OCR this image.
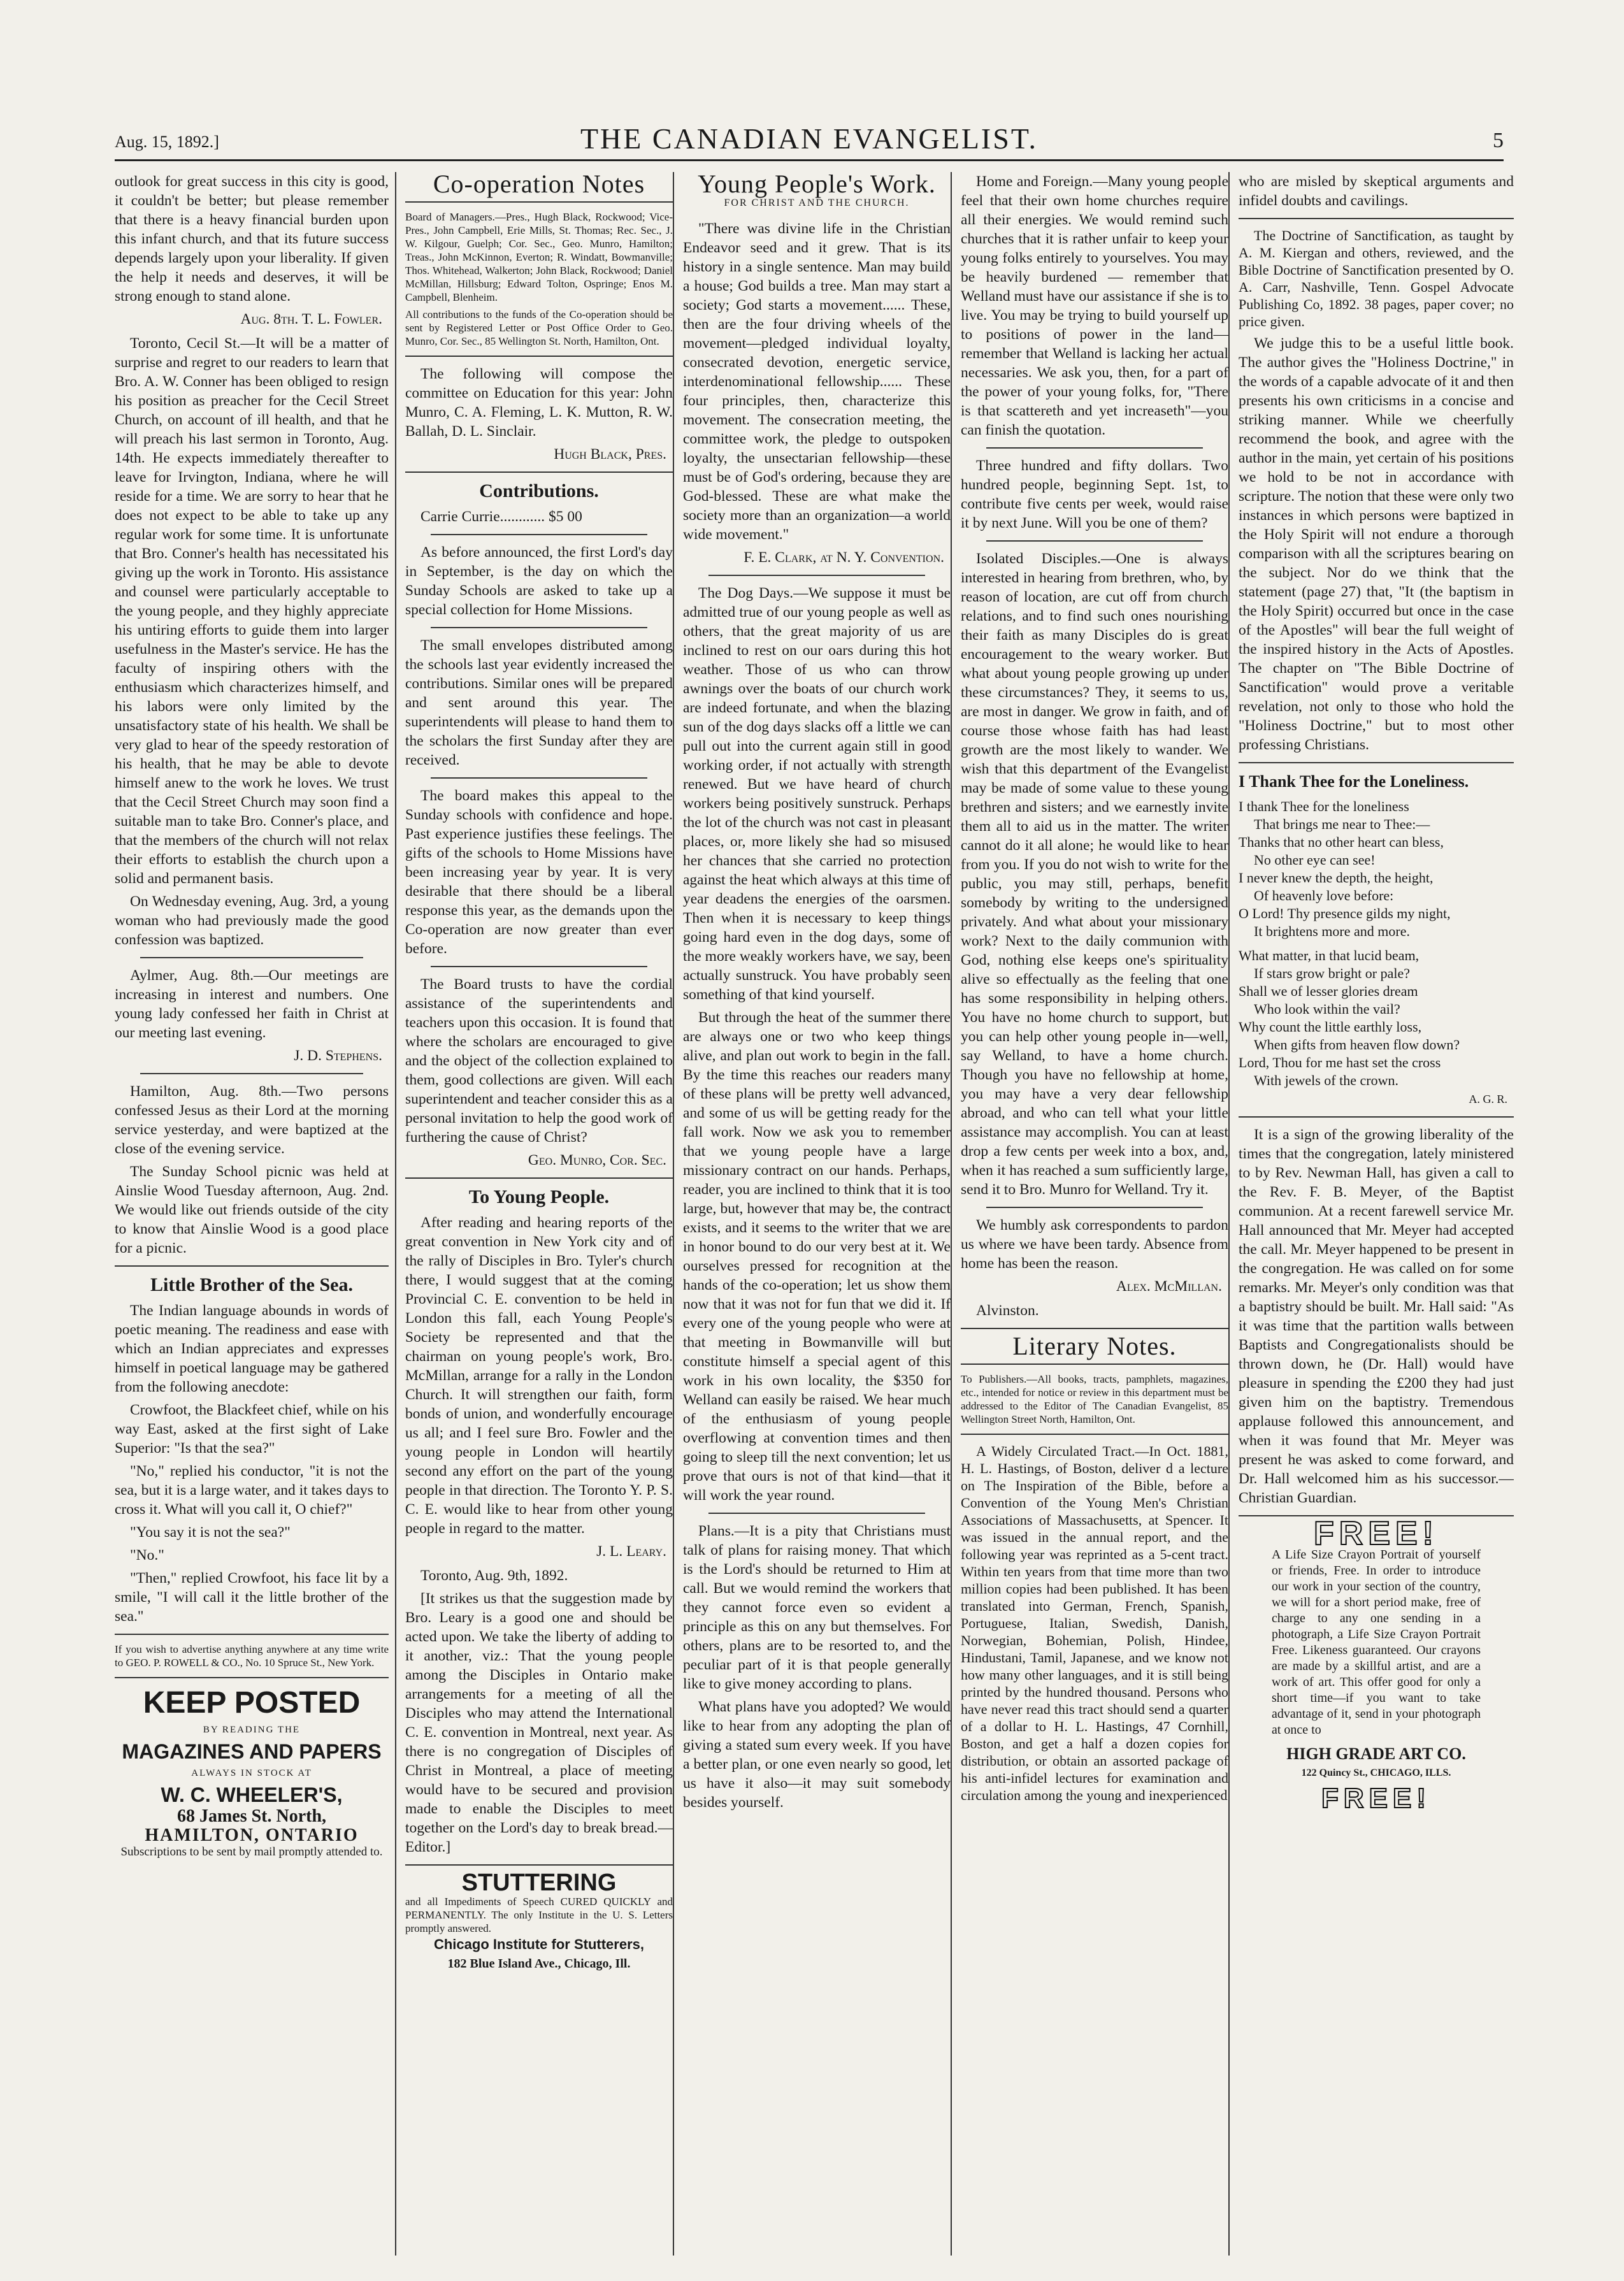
Aug. 15, 1892.]	THE CANADIAN EVANGELIST.	5

outlook for great success in this city is good, it couldn't be better; but please remember that there is a heavy financial burden upon this infant church, and that its future success depends largely upon your liberality. If given the help it needs and deserves, it will be strong enough to stand alone.

Aug. 8th. T. L. Fowler.

Toronto, Cecil St.—It will be a matter of surprise and regret to our readers to learn that Bro. A. W. Conner has been obliged to resign his position as preacher for the Cecil Street Church, on account of ill health, and that he will preach his last sermon in Toronto, Aug. 14th. He expects immediately thereafter to leave for Irvington, Indiana, where he will reside for a time. We are sorry to hear that he does not expect to be able to take up any regular work for some time. It is unfortunate that Bro. Conner's health has necessitated his giving up the work in Toronto. His assistance and counsel were particularly acceptable to the young people, and they highly appreciate his untiring efforts to guide them into larger usefulness in the Master's service. He has the faculty of inspiring others with the enthusiasm which characterizes himself, and his labors were only limited by the unsatisfactory state of his health. We shall be very glad to hear of the speedy restoration of his health, that he may be able to devote himself anew to the work he loves. We trust that the Cecil Street Church may soon find a suitable man to take Bro. Conner's place, and that the members of the church will not relax their efforts to establish the church upon a solid and permanent basis.

On Wednesday evening, Aug. 3rd, a young woman who had previously made the good confession was baptized.

Aylmer, Aug. 8th.—Our meetings are increasing in interest and numbers. One young lady confessed her faith in Christ at our meeting last evening.

J. D. Stephens.

Hamilton, Aug. 8th.—Two persons confessed Jesus as their Lord at the morning service yesterday, and were baptized at the close of the evening service.

The Sunday School picnic was held at Ainslie Wood Tuesday afternoon, Aug. 2nd. We would like out friends outside of the city to know that Ainslie Wood is a good place for a picnic.

Little Brother of the Sea.

The Indian language abounds in words of poetic meaning. The readiness and ease with which an Indian appreciates and expresses himself in poetical language may be gathered from the following anecdote:

Crowfoot, the Blackfeet chief, while on his way East, asked at the first sight of Lake Superior: "Is that the sea?"

"No," replied his conductor, "it is not the sea, but it is a large water, and it takes days to cross it. What will you call it, O chief?"

"You say it is not the sea?"

"No."

"Then," replied Crowfoot, his face lit by a smile, "I will call it the little brother of the sea."

If you wish to advertise anything anywhere at any time write to GEO. P. ROWELL & CO., No. 10 Spruce St., New York.
KEEP POSTED
BY READING THE
MAGAZINES AND PAPERS
ALWAYS IN STOCK AT
W. C. WHEELER'S,
68 James St. North,
HAMILTON, ONTARIO
Subscriptions to be sent by mail promptly attended to.
Co-operation Notes
Board of Managers.—Pres., Hugh Black, Rockwood; Vice-Pres., John Campbell, Erie Mills, St. Thomas; Rec. Sec., J. W. Kilgour, Guelph; Cor. Sec., Geo. Munro, Hamilton; Treas., John McKinnon, Everton; R. Windatt, Bowmanville; Thos. Whitehead, Walkerton; John Black, Rockwood; Daniel McMillan, Hillsburg; Edward Tolton, Ospringe; Enos M. Campbell, Blenheim.
All contributions to the funds of the Co-operation should be sent by Registered Letter or Post Office Order to Geo. Munro, Cor. Sec., 85 Wellington St. North, Hamilton, Ont.

The following will compose the committee on Education for this year: John Munro, C. A. Fleming, L. K. Mutton, R. W. Ballah, D. L. Sinclair.

Hugh Black, Pres.
Contributions.

Carrie Currie............ $5 00

As before announced, the first Lord's day in September, is the day on which the Sunday Schools are asked to take up a special collection for Home Missions.

The small envelopes distributed among the schools last year evidently increased the contributions. Similar ones will be prepared and sent around this year. The superintendents will please to hand them to the scholars the first Sunday after they are received.

The board makes this appeal to the Sunday schools with confidence and hope. Past experience justifies these feelings. The gifts of the schools to Home Missions have been increasing year by year. It is very desirable that there should be a liberal response this year, as the demands upon the Co-operation are now greater than ever before.

The Board trusts to have the cordial assistance of the superintendents and teachers upon this occasion. It is found that where the scholars are encouraged to give and the object of the collection explained to them, good collections are given. Will each superintendent and teacher consider this as a personal invitation to help the good work of furthering the cause of Christ?

Geo. Munro, Cor. Sec.
To Young People.

After reading and hearing reports of the great convention in New York city and of the rally of Disciples in Bro. Tyler's church there, I would suggest that at the coming Provincial C. E. convention to be held in London this fall, each Young People's Society be represented and that the chairman on young people's work, Bro. McMillan, arrange for a rally in the London Church. It will strengthen our faith, form bonds of union, and wonderfully encourage us all; and I feel sure Bro. Fowler and the young people in London will heartily second any effort on the part of the young people in that direction. The Toronto Y. P. S. C. E. would like to hear from other young people in regard to the matter.

J. L. Leary.

Toronto, Aug. 9th, 1892.

[It strikes us that the suggestion made by Bro. Leary is a good one and should be acted upon. We take the liberty of adding to it another, viz.: That the young people among the Disciples in Ontario make arrangements for a meeting of all the Disciples who may attend the International C. E. convention in Montreal, next year. As there is no congregation of Disciples of Christ in Montreal, a place of meeting would have to be secured and provision made to enable the Disciples to meet together on the Lord's day to break bread.—Editor.]

STUTTERING
and all Impediments of Speech CURED QUICKLY and PERMANENTLY. The only Institute in the U. S. Letters promptly answered.
Chicago Institute for Stutterers,
182 Blue Island Ave., Chicago, Ill.
Young People's Work.
FOR CHRIST AND THE CHURCH.

"There was divine life in the Christian Endeavor seed and it grew. That is its history in a single sentence. Man may build a house; God builds a tree. Man may start a society; God starts a movement...... These, then are the four driving wheels of the movement—pledged individual loyalty, consecrated devotion, energetic service, interdenominational fellowship...... These four principles, then, characterize this movement. The consecration meeting, the committee work, the pledge to outspoken loyalty, the unsectarian fellowship—these must be of God's ordering, because they are God-blessed. These are what make the society more than an organization—a world wide movement."

F. E. Clark, at N. Y. Convention.

The Dog Days.—We suppose it must be admitted true of our young people as well as others, that the great majority of us are inclined to rest on our oars during this hot weather. Those of us who can throw awnings over the boats of our church work are indeed fortunate, and when the blazing sun of the dog days slacks off a little we can pull out into the current again still in good working order, if not actually with strength renewed. But we have heard of church workers being positively sunstruck. Perhaps the lot of the church was not cast in pleasant places, or, more likely she had so misused her chances that she carried no protection against the heat which always at this time of year deadens the energies of the oarsmen. Then when it is necessary to keep things going hard even in the dog days, some of the more weakly workers have, we say, been actually sunstruck. You have probably seen something of that kind yourself.

But through the heat of the summer there are always one or two who keep things alive, and plan out work to begin in the fall. By the time this reaches our readers many of these plans will be pretty well advanced, and some of us will be getting ready for the fall work. Now we ask you to remember that we young people have a large missionary contract on our hands. Perhaps, reader, you are inclined to think that it is too large, but, however that may be, the contract exists, and it seems to the writer that we are in honor bound to do our very best at it. We ourselves pressed for recognition at the hands of the co-operation; let us show them now that it was not for fun that we did it. If every one of the young people who were at that meeting in Bowmanville will but constitute himself a special agent of this work in his own locality, the $350 for Welland can easily be raised. We hear much of the enthusiasm of young people overflowing at convention times and then going to sleep till the next convention; let us prove that ours is not of that kind—that it will work the year round.

Plans.—It is a pity that Christians must talk of plans for raising money. That which is the Lord's should be returned to Him at call. But we would remind the workers that they cannot force even so evident a principle as this on any but themselves. For others, plans are to be resorted to, and the peculiar part of it is that people generally like to give money according to plans.

What plans have you adopted? We would like to hear from any adopting the plan of giving a stated sum every week. If you have a better plan, or one even nearly so good, let us have it also—it may suit somebody besides yourself.

Home and Foreign.—Many young people feel that their own home churches require all their energies. We would remind such churches that it is rather unfair to keep your young folks entirely to yourselves. You may be heavily burdened — remember that Welland must have our assistance if she is to live. You may be trying to build yourself up to positions of power in the land—remember that Welland is lacking her actual necessaries. We ask you, then, for a part of the power of your young folks, for, "There is that scattereth and yet increaseth"—you can finish the quotation.

Three hundred and fifty dollars. Two hundred people, beginning Sept. 1st, to contribute five cents per week, would raise it by next June. Will you be one of them?

Isolated Disciples.—One is always interested in hearing from brethren, who, by reason of location, are cut off from church relations, and to find such ones nourishing their faith as many Disciples do is great encouragement to the weary worker. But what about young people growing up under these circumstances? They, it seems to us, are most in danger. We grow in faith, and of course those whose faith has had least growth are the most likely to wander. We wish that this department of the Evangelist may be made of some value to these young brethren and sisters; and we earnestly invite them all to aid us in the matter. The writer cannot do it all alone; he would like to hear from you. If you do not wish to write for the public, you may still, perhaps, benefit somebody by writing to the undersigned privately. And what about your missionary work? Next to the daily communion with God, nothing else keeps one's spirituality alive so effectually as the feeling that one has some responsibility in helping others. You have no home church to support, but you can help other young people in—well, say Welland, to have a home church. Though you have no fellowship at home, you may have a very dear fellowship abroad, and who can tell what your little assistance may accomplish. You can at least drop a few cents per week into a box, and, when it has reached a sum sufficiently large, send it to Bro. Munro for Welland. Try it.

We humbly ask correspondents to pardon us where we have been tardy. Absence from home has been the reason.

Alex. McMillan.

Alvinston.

Literary Notes.
To Publishers.—All books, tracts, pamphlets, magazines, etc., intended for notice or review in this department must be addressed to the Editor of The Canadian Evangelist, 85 Wellington Street North, Hamilton, Ont.

A Widely Circulated Tract.—In Oct. 1881, H. L. Hastings, of Boston, deliver d a lecture on The Inspiration of the Bible, before a Convention of the Young Men's Christian Associations of Massachusetts, at Spencer. It was issued in the annual report, and the following year was reprinted as a 5-cent tract. Within ten years from that time more than two million copies had been published. It has been translated into German, French, Spanish, Portuguese, Italian, Swedish, Danish, Norwegian, Bohemian, Polish, Hindee, Hindustani, Tamil, Japanese, and we know not how many other languages, and it is still being printed by the hundred thousand. Persons who have never read this tract should send a quarter of a dollar to H. L. Hastings, 47 Cornhill, Boston, and get a half a dozen copies for distribution, or obtain an assorted package of his anti-infidel lectures for examination and circulation among the young and inexperienced

who are misled by skeptical arguments and infidel doubts and cavilings.

The Doctrine of Sanctification, as taught by A. M. Kiergan and others, reviewed, and the Bible Doctrine of Sanctification presented by O. A. Carr, Nashville, Tenn. Gospel Advocate Publishing Co, 1892. 38 pages, paper cover; no price given.

We judge this to be a useful little book. The author gives the "Holiness Doctrine," in the words of a capable advocate of it and then presents his own criticisms in a concise and striking manner. While we cheerfully recommend the book, and agree with the author in the main, yet certain of his positions we hold to be not in accordance with scripture. The notion that these were only two instances in which persons were baptized in the Holy Spirit will not endure a thorough comparison with all the scriptures bearing on the subject. Nor do we think that the statement (page 27) that, "It (the baptism in the Holy Spirit) occurred but once in the case of the Apostles" will bear the full weight of the inspired history in the Acts of Apostles. The chapter on "The Bible Doctrine of Sanctification" would prove a veritable revelation, not only to those who hold the "Holiness Doctrine," but to most other professing Christians.

I Thank Thee for the Loneliness.

I thank Thee for the loneliness

That brings me near to Thee:—

Thanks that no other heart can bless,

No other eye can see!

I never knew the depth, the height,

Of heavenly love before:

O Lord! Thy presence gilds my night,

It brightens more and more.

What matter, in that lucid beam,

If stars grow bright or pale?

Shall we of lesser glories dream

Who look within the vail?

Why count the little earthly loss,

When gifts from heaven flow down?

Lord, Thou for me hast set the cross

With jewels of the crown.

A. G. R.

It is a sign of the growing liberality of the times that the congregation, lately ministered to by Rev. Newman Hall, has given a call to the Rev. F. B. Meyer, of the Baptist communion. At a recent farewell service Mr. Hall announced that Mr. Meyer had accepted the call. Mr. Meyer happened to be present in the congregation. He was called on for some remarks. Mr. Meyer's only condition was that a baptistry should be built. Mr. Hall said: "As it was time that the partition walls between Baptists and Congregationalists should be thrown down, he (Dr. Hall) would have pleasure in spending the £200 they had just given him on the baptistry. Tremendous applause followed this announcement, and when it was found that Mr. Meyer was present he was asked to come forward, and Dr. Hall welcomed him as his successor.—Christian Guardian.

FREE!
A Life Size Crayon Portrait of yourself or friends, Free. In order to introduce our work in your section of the country, we will for a short period make, free of charge to any one sending in a photograph, a Life Size Crayon Portrait Free. Likeness guaranteed. Our crayons are made by a skillful artist, and are a work of art. This offer good for only a short time—if you want to take advantage of it, send in your photograph at once to
HIGH GRADE ART CO.
122 Quincy St., CHICAGO, ILLS.
FREE!
